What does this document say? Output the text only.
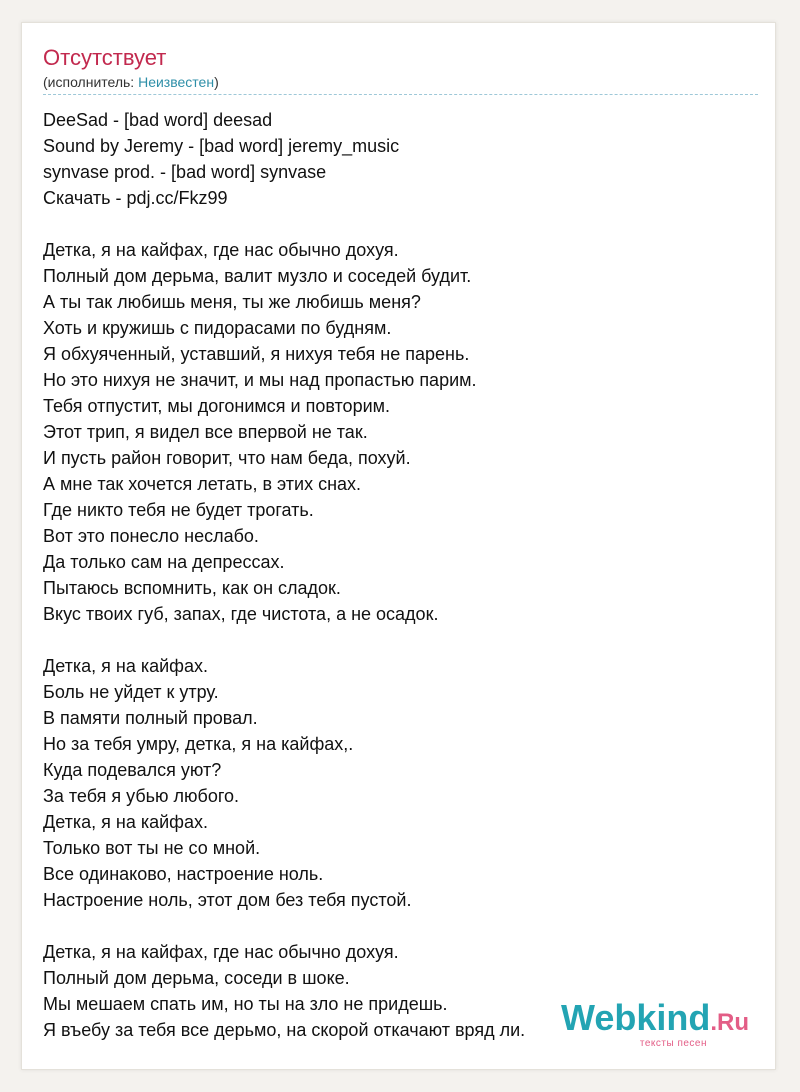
Отсутствует
(исполнитель: Неизвестен)
DeeSad - [bad word] deesad
Sound by Jeremy - [bad word] jeremy_music
synvase prod. - [bad word] synvase
Скачать - pdj.cc/Fkz99
Детка, я на кайфах, где нас обычно дохуя.
Полный дом дерьма, валит музло и соседей будит.
А ты так любишь меня, ты же любишь меня?
Хоть и кружишь с пидорасами по будням.
Я обхуяченный, уставший, я нихуя тебя не парень.
Но это нихуя не значит, и мы над пропастью парим.
Тебя отпустит, мы догонимся и повторим.
Этот трип, я видел все впервой не так.
И пусть район говорит, что нам беда, похуй.
А мне так хочется летать, в этих снах.
Где никто тебя не будет трогать.
Вот это понесло неслабо.
Да только сам на депрессах.
Пытаюсь вспомнить, как он сладок.
Вкус твоих губ, запах, где чистота, а не осадок.
Детка, я на кайфах.
Боль не уйдет к утру.
В памяти полный провал.
Но за тебя умру, детка, я на кайфах,.
Куда подевался уют?
За тебя я убью любого.
Детка, я на кайфах.
Только вот ты не со мной.
Все одинаково, настроение ноль.
Настроение ноль, этот дом без тебя пустой.
Детка, я на кайфах, где нас обычно дохуя.
Полный дом дерьма, соседи в шоке.
Мы мешаем спать им, но ты на зло не придешь.
Я въебу за тебя все дерьмо, на скорой откачают вряд ли. Webkind.Ru
тексты песен
